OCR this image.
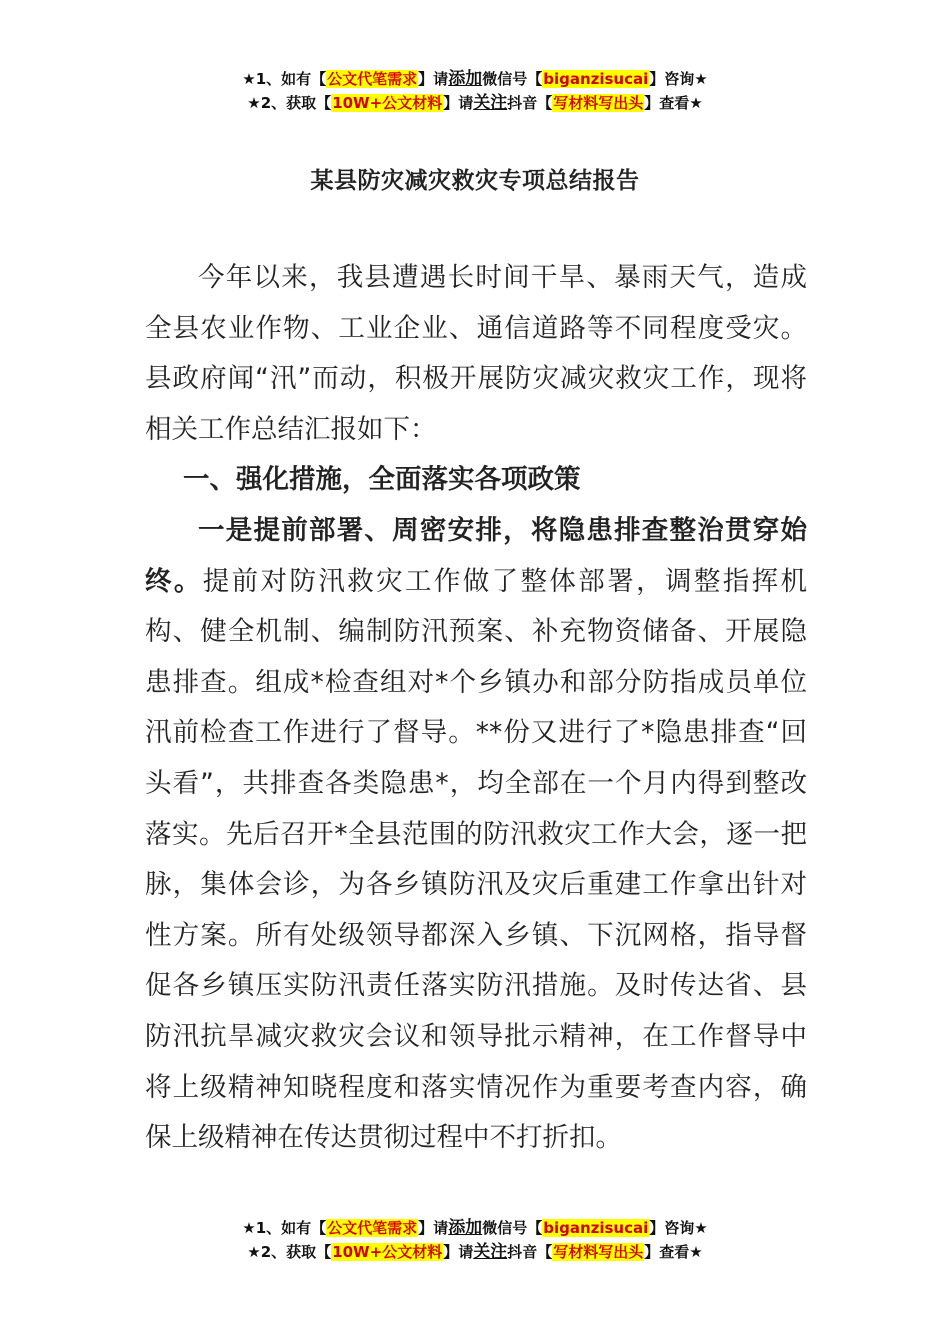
★1、如有【公文代笔需求】请添加微信号【biganzisucai】咨询★
★2、获取【10W+公文材料】请关注抖音【写材料写出头】查看★
某县防灾减灾救灾专项总结报告

今年以来，我县遭遇长时间干旱、暴雨天气，造成全县农业作物、工业企业、通信道路等不同程度受灾。县政府闻“汛”而动，积极开展防灾减灾救灾工作，现将相关工作总结汇报如下：

一、强化措施，全面落实各项政策

一是提前部署、周密安排，将隐患排查整治贯穿始终。提前对防汛救灾工作做了整体部署，调整指挥机构、健全机制、编制防汛预案、补充物资储备、开展隐患排查。组成*检查组对*个乡镇办和部分防指成员单位汛前检查工作进行了督导。**份又进行了*隐患排查“回头看”，共排查各类隐患*，均全部在一个月内得到整改落实。先后召开*全县范围的防汛救灾工作大会，逐一把脉，集体会诊，为各乡镇防汛及灾后重建工作拿出针对性方案。所有处级领导都深入乡镇、下沉网格，指导督促各乡镇压实防汛责任落实防汛措施。及时传达省、县防汛抗旱减灾救灾会议和领导批示精神，在工作督导中将上级精神知晓程度和落实情况作为重要考查内容，确保上级精神在传达贯彻过程中不打折扣。

★1、如有【公文代笔需求】请添加微信号【biganzisucai】咨询★
★2、获取【10W+公文材料】请关注抖音【写材料写出头】查看★
